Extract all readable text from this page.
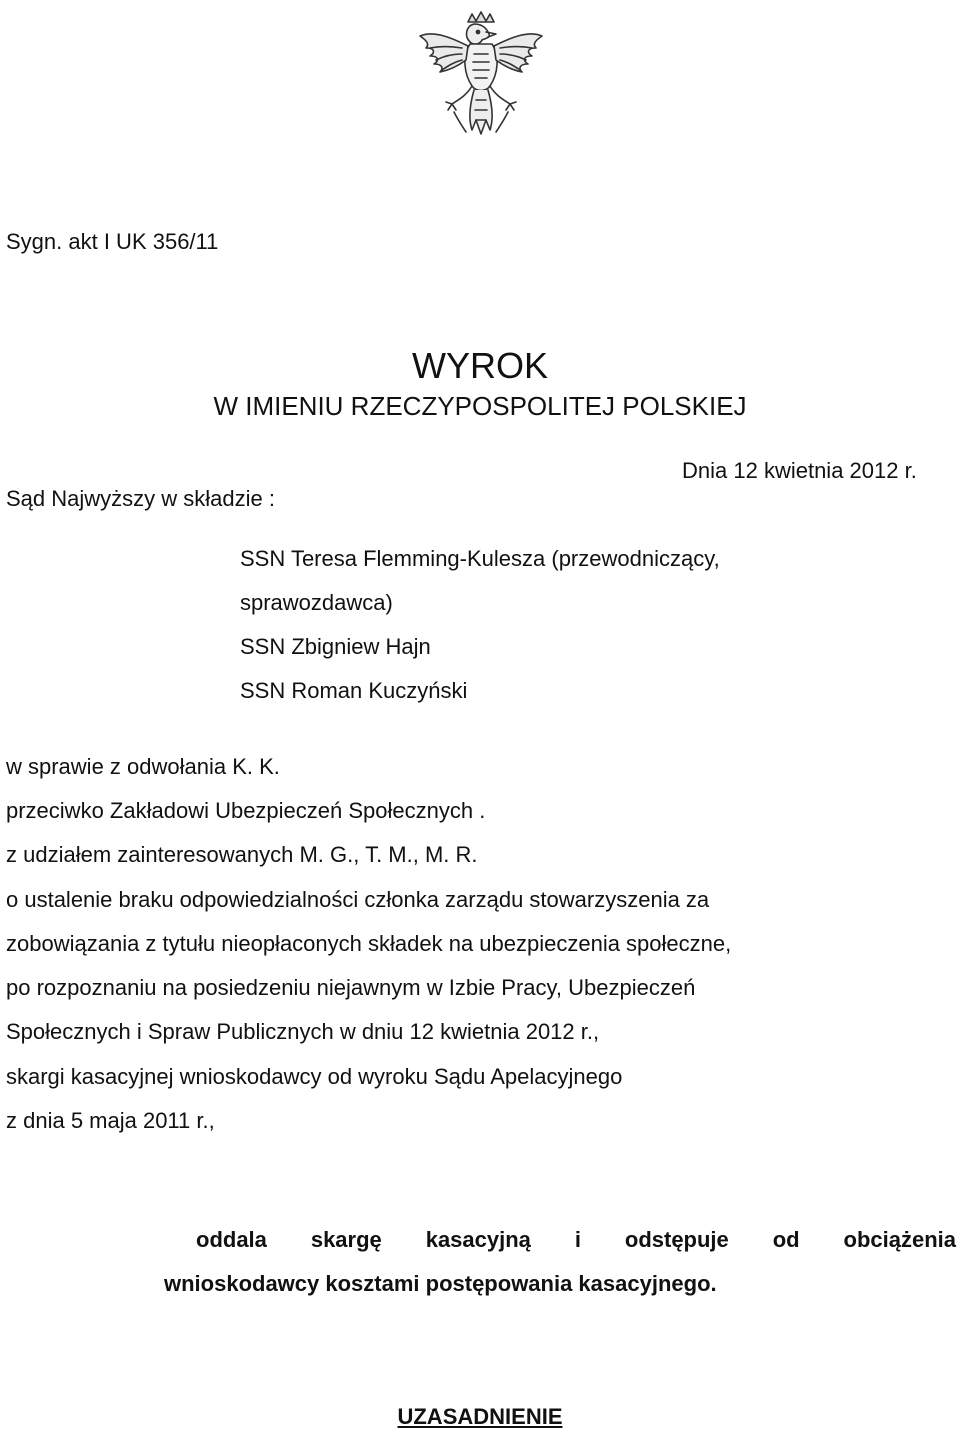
Sygn. akt I UK 356/11
WYROK
W IMIENIU RZECZYPOSPOLITEJ POLSKIEJ
Dnia 12 kwietnia 2012 r.
Sąd Najwyższy w składzie :
SSN Teresa Flemming-Kulesza (przewodniczący,
sprawozdawca)
SSN Zbigniew Hajn
SSN Roman Kuczyński
w sprawie z odwołania K. K.
przeciwko Zakładowi Ubezpieczeń Społecznych .
z udziałem zainteresowanych M. G., T. M., M. R.
o ustalenie braku odpowiedzialności członka zarządu stowarzyszenia za
zobowiązania z tytułu nieopłaconych składek na ubezpieczenia społeczne,
po rozpoznaniu na posiedzeniu niejawnym w Izbie Pracy, Ubezpieczeń
Społecznych i Spraw Publicznych w dniu 12 kwietnia 2012 r.,
skargi kasacyjnej wnioskodawcy od wyroku Sądu Apelacyjnego
z dnia 5 maja 2011 r.,
oddala skargę kasacyjną i odstępuje od obciążenia
wnioskodawcy kosztami postępowania kasacyjnego.
UZASADNIENIE
